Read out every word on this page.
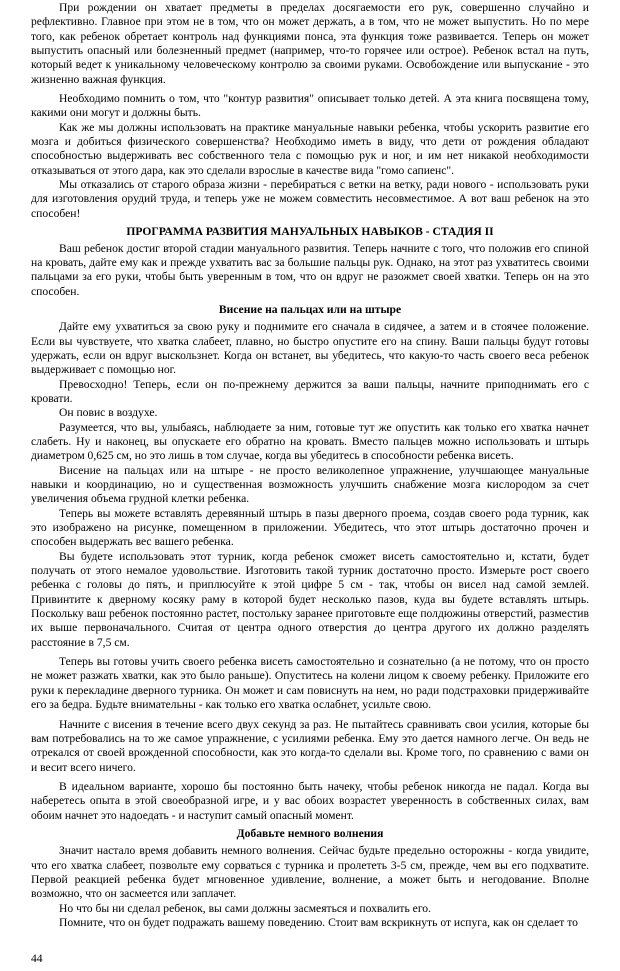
При рождении он хватает предметы в пределах досягаемости его рук, совершенно случайно и рефлективно. Главное при этом не в том, что он может держать, а в том, что не может выпустить. Но по мере того, как ребенок обретает контроль над функциями понса, эта функция тоже развивается. Теперь он может выпустить опасный или болезненный предмет (например, что-то горячее или острое). Ребенок встал на путь, который ведет к уникальному человеческому контролю за своими руками. Освобождение или выпускание - это жизненно важная функция.

Необходимо помнить о том, что "контур развития" описывает только детей. А эта книга посвящена тому, какими они могут и должны быть.

Как же мы должны использовать на практике мануальные навыки ребенка, чтобы ускорить развитие его мозга и добиться физического совершенства? Необходимо иметь в виду, что дети от рождения обладают способностью выдерживать вес собственного тела с помощью рук и ног, и им нет никакой необходимости отказываться от этого дара, как это сделали взрослые в качестве вида "гомо сапиенс".

Мы отказались от старого образа жизни - перебираться с ветки на ветку, ради нового - использовать руки для изготовления орудий труда, и теперь уже не можем совместить несовместимое. А вот ваш ребенок на это способен!

ПРОГРАММА РАЗВИТИЯ МАНУАЛЬНЫХ НАВЫКОВ - СТАДИЯ II

Ваш ребенок достиг второй стадии мануального развития. Теперь начните с того, что положив его спиной на кровать, дайте ему как и прежде ухватить вас за большие пальцы рук. Однако, на этот раз ухватитесь своими пальцами за его руки, чтобы быть уверенным в том, что он вдруг не разожмет своей хватки. Теперь он на это способен.

Висение на пальцах или на штыре

Дайте ему ухватиться за свою руку и поднимите его сначала в сидячее, а затем и в стоячее положение. Если вы чувствуете, что хватка слабеет, плавно, но быстро опустите его на спину. Ваши пальцы будут готовы удержать, если он вдруг выскользнет. Когда он встанет, вы убедитесь, что какую-то часть своего веса ребенок выдерживает с помощью ног.

Превосходно! Теперь, если он по-прежнему держится за ваши пальцы, начните приподнимать его с кровати.

Он повис в воздухе.

Разумеется, что вы, улыбаясь, наблюдаете за ним, готовые тут же опустить как только его хватка начнет слабеть. Ну и наконец, вы опускаете его обратно на кровать. Вместо пальцев можно использовать и штырь диаметром 0,625 см, но это лишь в том случае, когда вы убедитесь в способности ребенка висеть.

Висение на пальцах или на штыре - не просто великолепное упражнение, улучшающее мануальные навыки и координацию, но и существенная возможность улучшить снабжение мозга кислородом за счет увеличения объема грудной клетки ребенка.

Теперь вы можете вставлять деревянный штырь в пазы дверного проема, создав своего рода турник, как это изображено на рисунке, помещенном в приложении. Убедитесь, что этот штырь достаточно прочен и способен выдержать вес вашего ребенка.

Вы будете использовать этот турник, когда ребенок сможет висеть самостоятельно и, кстати, будет получать от этого немалое удовольствие. Изготовить такой турник достаточно просто. Измерьте рост своего ребенка с головы до пять, и приплюсуйте к этой цифре 5 см - так, чтобы он висел над самой землей. Привинтите к дверному косяку раму в которой будет несколько пазов, куда вы будете вставлять штырь. Поскольку ваш ребенок постоянно растет, постольку заранее приготовьте еще полдюжины отверстий, разместив их выше первоначального. Считая от центра одного отверстия до центра другого их должно разделять расстояние в 7,5 см.

Теперь вы готовы учить своего ребенка висеть самостоятельно и сознательно (а не потому, что он просто не может разжать хватки, как это было раньше). Опуститесь на колени лицом к своему ребенку. Приложите его руки к перекладине дверного турника. Он может и сам повиснуть на нем, но ради подстраховки придерживайте его за бедра. Будьте внимательны - как только его хватка ослабнет, усильте свою.

Начните с висения в течение всего двух секунд за раз. Не пытайтесь сравнивать свои усилия, которые бы вам потребовались на то же самое упражнение, с усилиями ребенка. Ему это дается намного легче. Он ведь не отрекался от своей врожденной способности, как это когда-то сделали вы. Кроме того, по сравнению с вами он и весит всего ничего.

В идеальном варианте, хорошо бы постоянно быть начеку, чтобы ребенок никогда не падал. Когда вы наберетесь опыта в этой своеобразной игре, и у вас обоих возрастет уверенность в собственных силах, вам обоим начнет это надоедать - и наступит самый опасный момент.

Добавьте немного волнения

Значит настало время добавить немного волнения. Сейчас будьте предельно осторожны - когда увидите, что его хватка слабеет, позвольте ему сорваться с турника и пролететь 3-5 см, прежде, чем вы его подхватите. Первой реакцией ребенка будет мгновенное удивление, волнение, а может быть и негодование. Вполне возможно, что он засмеется или заплачет.

Но что бы ни сделал ребенок, вы сами должны засмеяться и похвалить его.

Помните, что он будет подражать вашему поведению. Стоит вам вскрикнуть от испуга, как он сделает то

44
